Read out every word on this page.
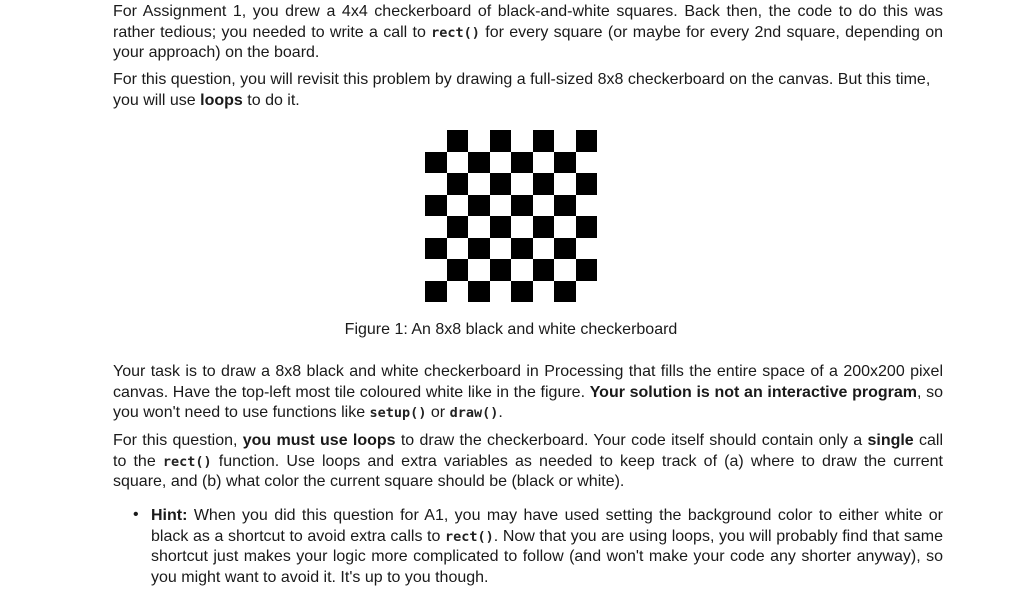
For Assignment 1, you drew a 4x4 checkerboard of black-and-white squares. Back then, the code to do this was rather tedious; you needed to write a call to rect() for every square (or maybe for every 2nd square, depending on your approach) on the board.

For this question, you will revisit this problem by drawing a full-sized 8x8 checkerboard on the canvas. But this time, you will use loops to do it.

Figure 1: An 8x8 black and white checkerboard

Your task is to draw a 8x8 black and white checkerboard in Processing that fills the entire space of a 200x200 pixel canvas. Have the top-left most tile coloured white like in the figure. Your solution is not an interactive program, so you won't need to use functions like setup() or draw().

For this question, you must use loops to draw the checkerboard. Your code itself should contain only a single call to the rect() function. Use loops and extra variables as needed to keep track of (a) where to draw the current square, and (b) what color the current square should be (black or white).

• Hint: When you did this question for A1, you may have used setting the background color to either white or black as a shortcut to avoid extra calls to rect(). Now that you are using loops, you will probably find that same shortcut just makes your logic more complicated to follow (and won't make your code any shorter anyway), so you might want to avoid it. It's up to you though.
